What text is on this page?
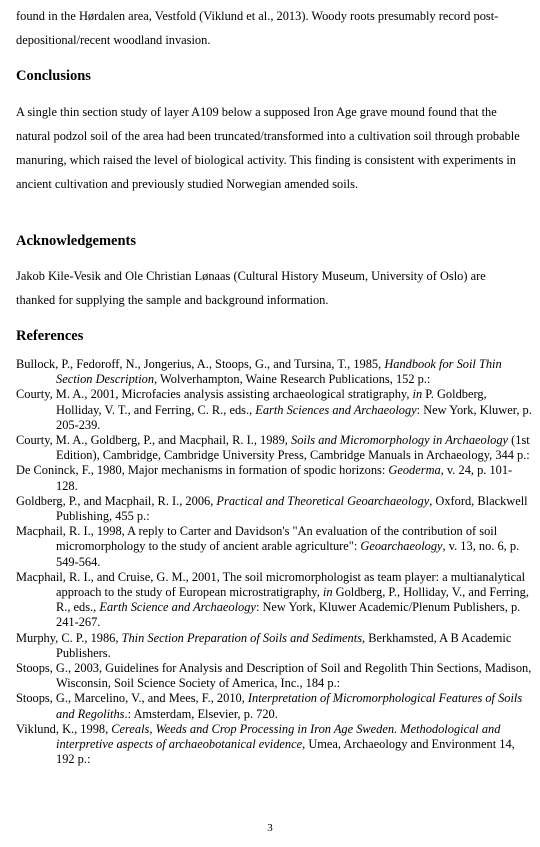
found in the Hørdalen area, Vestfold (Viklund et al., 2013). Woody roots presumably record post-depositional/recent woodland invasion.

Conclusions

A single thin section study of layer A109 below a supposed Iron Age grave mound found that the natural podzol soil of the area had been truncated/transformed into a cultivation soil through probable manuring, which raised the level of biological activity. This finding is consistent with experiments in ancient cultivation and previously studied Norwegian amended soils.

Acknowledgements

Jakob Kile-Vesik and Ole Christian Lønaas (Cultural History Museum, University of Oslo) are thanked for supplying the sample and background information.

References
Bullock, P., Fedoroff, N., Jongerius, A., Stoops, G., and Tursina, T., 1985, Handbook for Soil Thin Section Description, Wolverhampton, Waine Research Publications, 152 p.:
Courty, M. A., 2001, Microfacies analysis assisting archaeological stratigraphy, in P. Goldberg, Holliday, V. T., and Ferring, C. R., eds., Earth Sciences and Archaeology: New York, Kluwer, p. 205-239.
Courty, M. A., Goldberg, P., and Macphail, R. I., 1989, Soils and Micromorphology in Archaeology (1st Edition), Cambridge, Cambridge University Press, Cambridge Manuals in Archaeology, 344 p.:
De Coninck, F., 1980, Major mechanisms in formation of spodic horizons: Geoderma, v. 24, p. 101-128.
Goldberg, P., and Macphail, R. I., 2006, Practical and Theoretical Geoarchaeology, Oxford, Blackwell Publishing, 455 p.:
Macphail, R. I., 1998, A reply to Carter and Davidson's "An evaluation of the contribution of soil micromorphology to the study of ancient arable agriculture": Geoarchaeology, v. 13, no. 6, p. 549-564.
Macphail, R. I., and Cruise, G. M., 2001, The soil micromorphologist as team player: a multianalytical approach to the study of European microstratigraphy, in Goldberg, P., Holliday, V., and Ferring, R., eds., Earth Science and Archaeology: New York, Kluwer Academic/Plenum Publishers, p. 241-267.
Murphy, C. P., 1986, Thin Section Preparation of Soils and Sediments, Berkhamsted, A B Academic Publishers.
Stoops, G., 2003, Guidelines for Analysis and Description of Soil and Regolith Thin Sections, Madison, Wisconsin, Soil Science Society of America, Inc., 184 p.:
Stoops, G., Marcelino, V., and Mees, F., 2010, Interpretation of Micromorphological Features of Soils and Regoliths.: Amsterdam, Elsevier, p. 720.
Viklund, K., 1998, Cereals, Weeds and Crop Processing in Iron Age Sweden. Methodological and interpretive aspects of archaeobotanical evidence, Umea, Archaeology and Environment 14, 192 p.:
3
